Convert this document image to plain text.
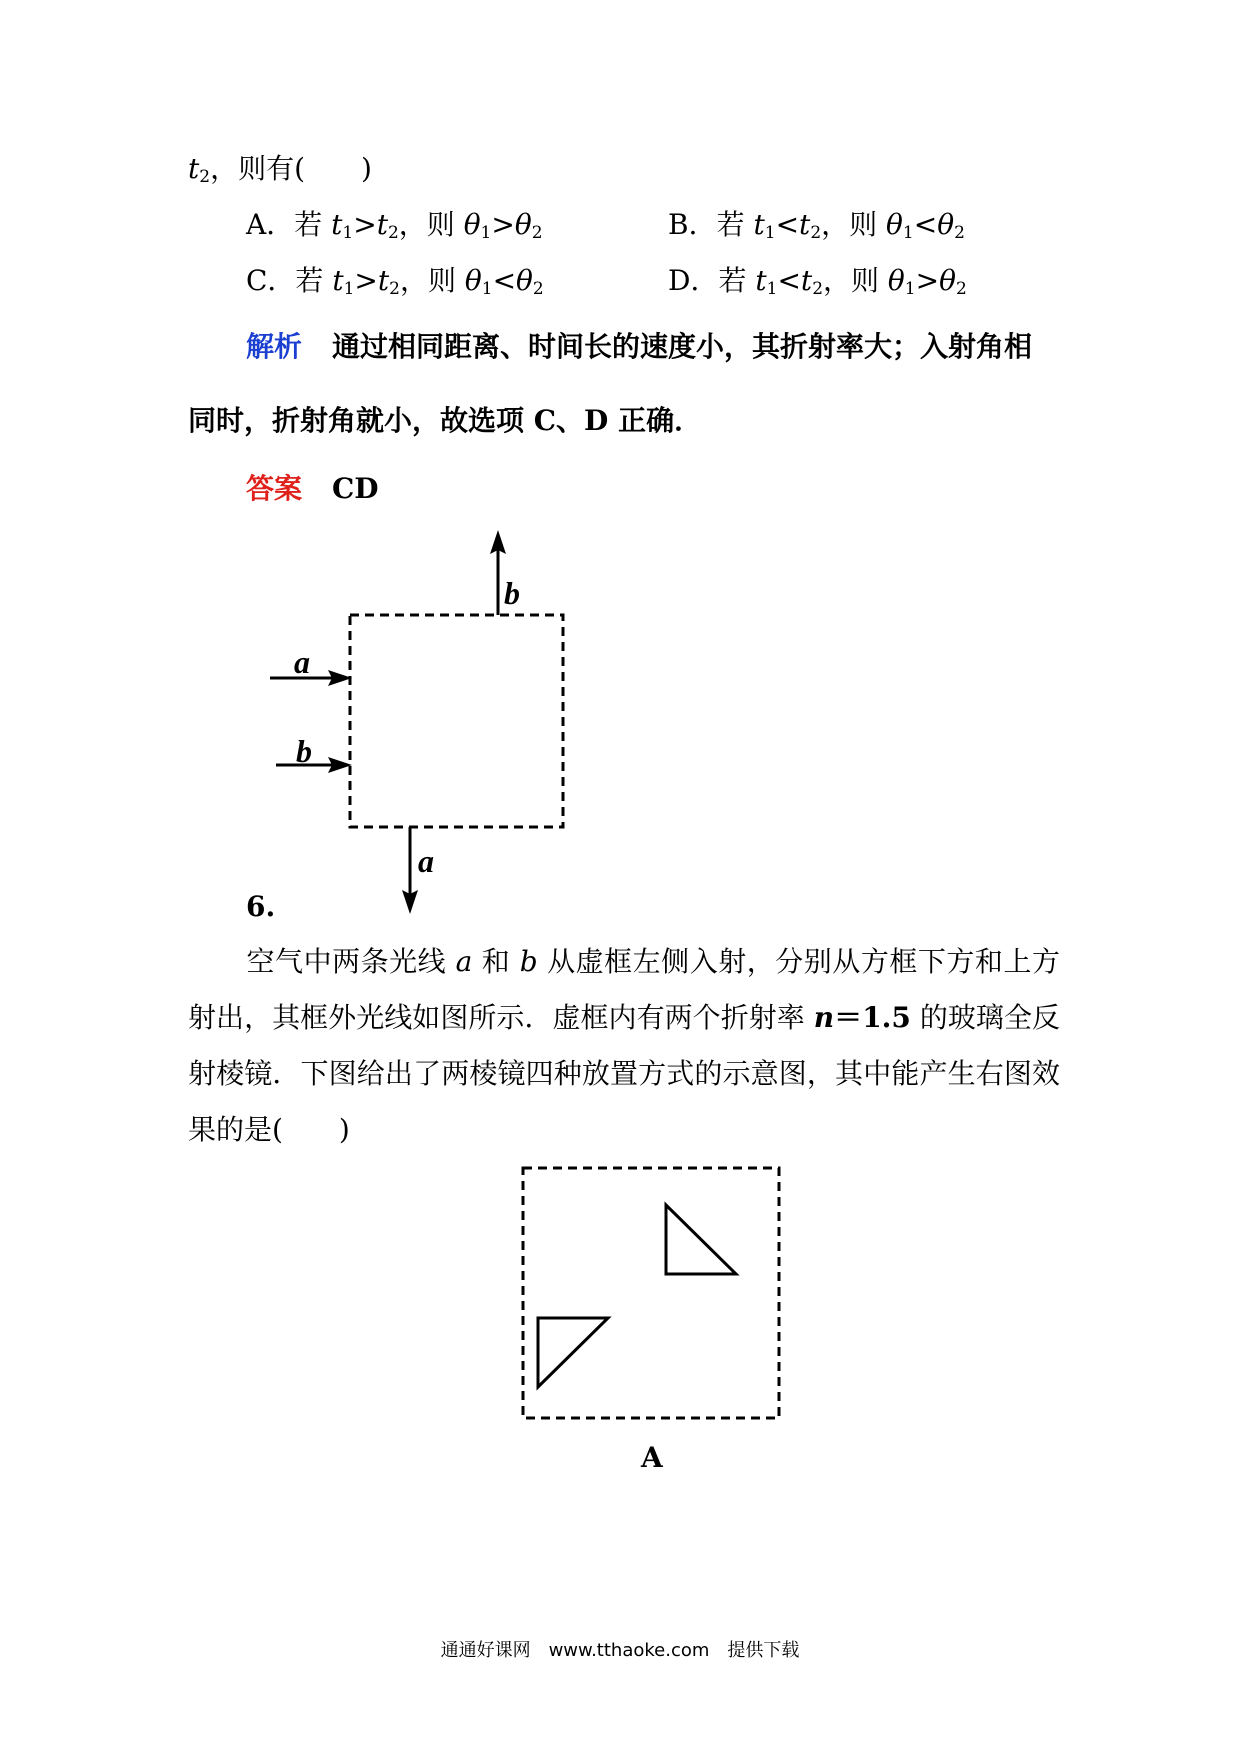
$t_2$，则有(　　)
A．若 $t_1>t_2$，则 $\theta_1>\theta_2$	B．若 $t_1<t_2$，则 $\theta_1<\theta_2$
C．若 $t_1>t_2$，则 $\theta_1<\theta_2$	D．若 $t_1<t_2$，则 $\theta_1>\theta_2$
解析 通过相同距离、时间长的速度小，其折射率大；入射角相
同时，折射角就小，故选项 C、D 正确．
答案 CD
a
b
b
a
6.
空气中两条光线 a 和 b 从虚框左侧入射，分别从方框下方和上方射出，其框外光线如图所示．虚框内有两个折射率 n＝1.5 的玻璃全反射棱镜．下图给出了两棱镜四种放置方式的示意图，其中能产生右图效果的是(　　)
A
通通好课网　www.tthaoke.com　提供下载
